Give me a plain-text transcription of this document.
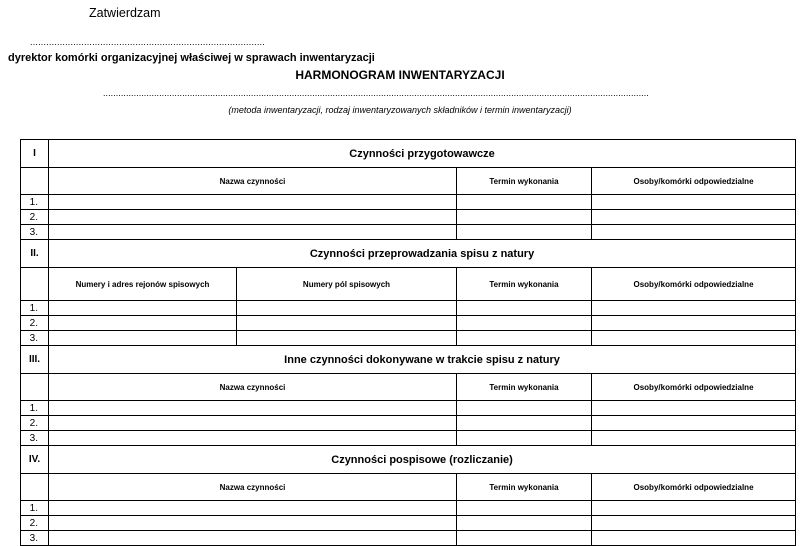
Zatwierdzam
.......................................................................................
dyrektor komórki organizacyjnej właściwej w sprawach inwentaryzacji
HARMONOGRAM INWENTARYZACJI
......................................................................................................................................................................................................................
(metoda inwentaryzacji, rodzaj inwentaryzowanych składników i termin inwentaryzacji)
I	Czynności przygotowawcze			
	Nazwa czynności		Termin wykonania	Osoby/komórki odpowiedzialne
1.				
2.				
3.				
II.	Czynności przeprowadzania spisu z natury			
	Numery i adres rejonów spisowych	Numery pól spisowych	Termin wykonania	Osoby/komórki odpowiedzialne
1.				
2.				
3.				
III.	Inne czynności dokonywane w trakcie spisu z natury			
	Nazwa czynności		Termin wykonania	Osoby/komórki odpowiedzialne
1.				
2.				
3.				
IV.	Czynności pospisowe (rozliczanie)			
	Nazwa czynności		Termin wykonania	Osoby/komórki odpowiedzialne
1.				
2.				
3.				
